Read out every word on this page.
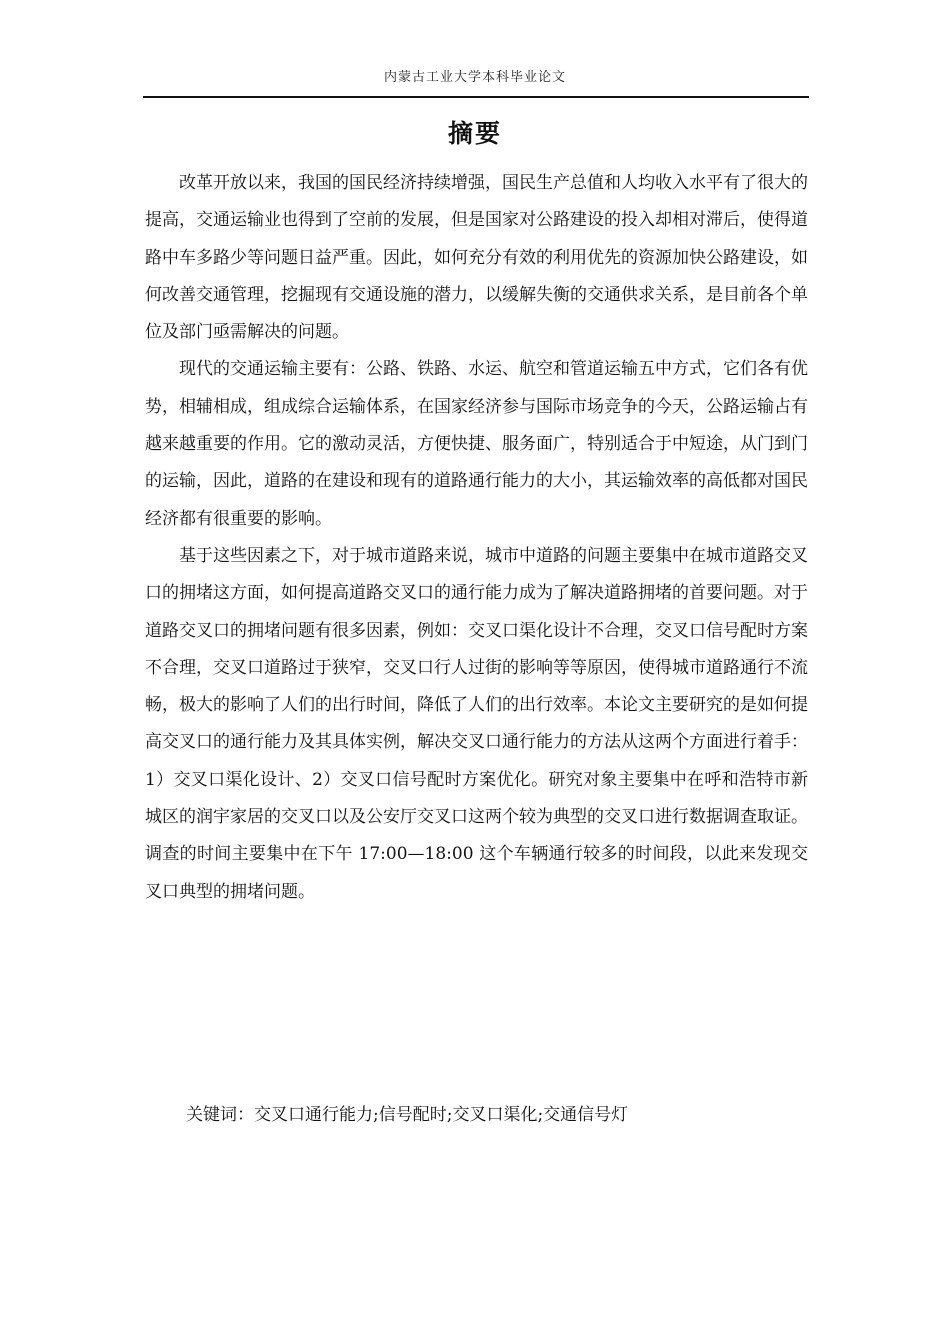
内蒙古工业大学本科毕业论文
摘要

改革开放以来，我国的国民经济持续增强，国民生产总值和人均收入水平有了很大的提高，交通运输业也得到了空前的发展，但是国家对公路建设的投入却相对滞后，使得道路中车多路少等问题日益严重。因此，如何充分有效的利用优先的资源加快公路建设，如何改善交通管理，挖掘现有交通设施的潜力，以缓解失衡的交通供求关系，是目前各个单位及部门亟需解决的问题。

现代的交通运输主要有：公路、铁路、水运、航空和管道运输五中方式，它们各有优势，相辅相成，组成综合运输体系，在国家经济参与国际市场竞争的今天，公路运输占有越来越重要的作用。它的激动灵活，方便快捷、服务面广，特别适合于中短途，从门到门的运输，因此，道路的在建设和现有的道路通行能力的大小，其运输效率的高低都对国民经济都有很重要的影响。

基于这些因素之下，对于城市道路来说，城市中道路的问题主要集中在城市道路交叉口的拥堵这方面，如何提高道路交叉口的通行能力成为了解决道路拥堵的首要问题。对于道路交叉口的拥堵问题有很多因素，例如：交叉口渠化设计不合理，交叉口信号配时方案不合理，交叉口道路过于狭窄，交叉口行人过街的影响等等原因，使得城市道路通行不流畅，极大的影响了人们的出行时间，降低了人们的出行效率。本论文主要研究的是如何提高交叉口的通行能力及其具体实例，解决交叉口通行能力的方法从这两个方面进行着手：1）交叉口渠化设计、2）交叉口信号配时方案优化。研究对象主要集中在呼和浩特市新城区的润宇家居的交叉口以及公安厅交叉口这两个较为典型的交叉口进行数据调查取证。调查的时间主要集中在下午 17:00—18:00 这个车辆通行较多的时间段，以此来发现交叉口典型的拥堵问题。

关键词：交叉口通行能力;信号配时;交叉口渠化;交通信号灯
